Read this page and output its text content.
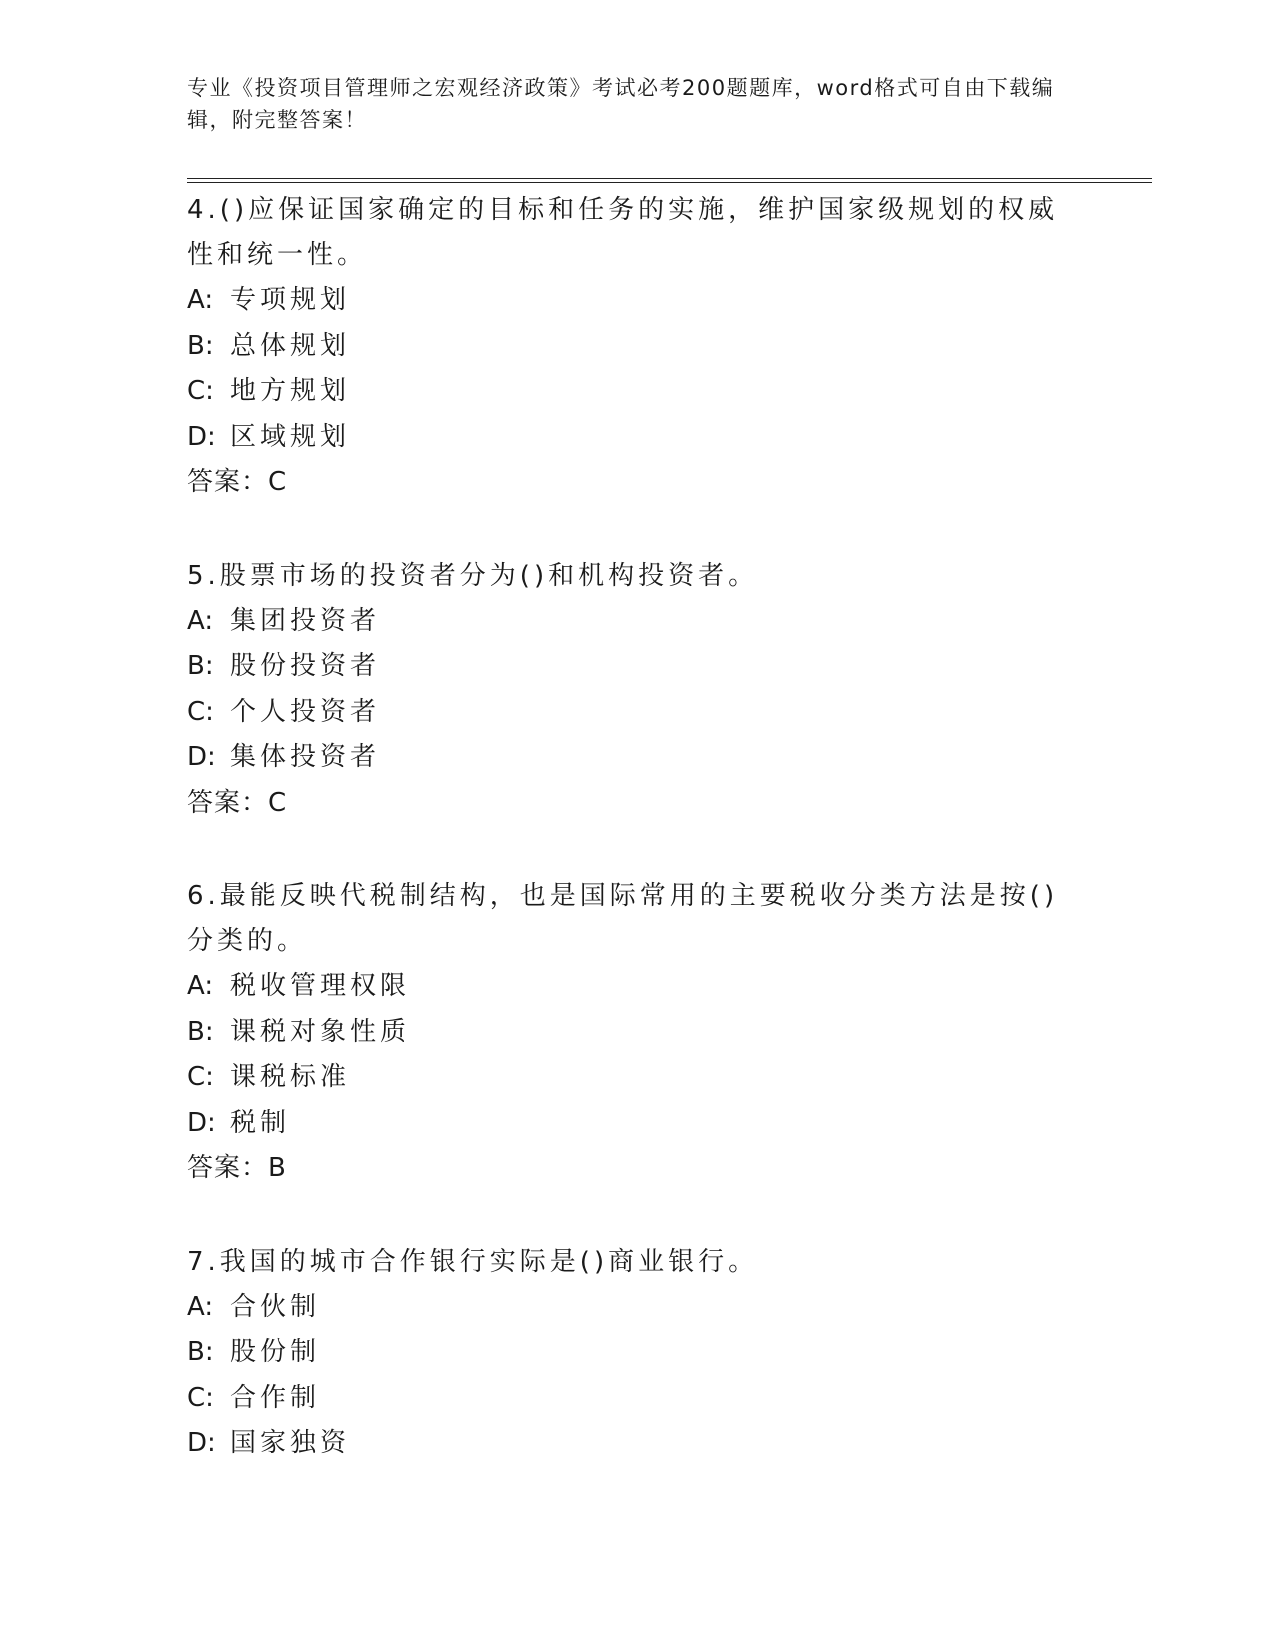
专业《投资项目管理师之宏观经济政策》考试必考200题题库，word格式可自由下载编辑，附完整答案！
4.()应保证国家确定的目标和任务的实施，维护国家级规划的权威性和统一性。
A: 专项规划
B: 总体规划
C: 地方规划
D: 区域规划
答案：C
5.股票市场的投资者分为()和机构投资者。
A: 集团投资者
B: 股份投资者
C: 个人投资者
D: 集体投资者
答案：C
6.最能反映代税制结构，也是国际常用的主要税收分类方法是按()分类的。
A: 税收管理权限
B: 课税对象性质
C: 课税标准
D: 税制
答案：B
7.我国的城市合作银行实际是()商业银行。
A: 合伙制
B: 股份制
C: 合作制
D: 国家独资
